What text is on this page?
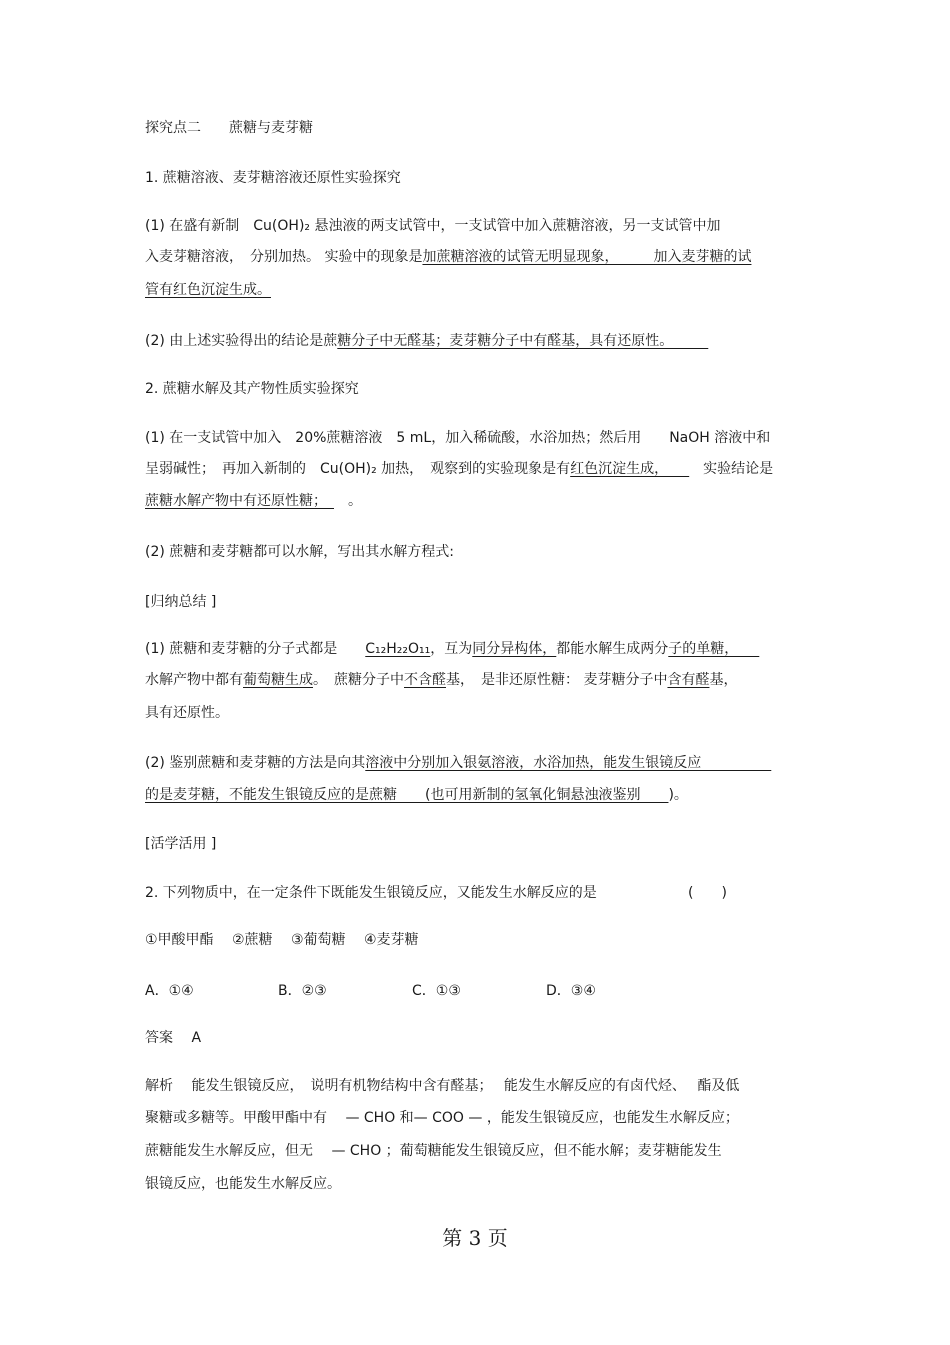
探究点二　　蔗糖与麦芽糖
1. 蔗糖溶液、麦芽糖溶液还原性实验探究
(1) 在盛有新制　Cu(OH)₂ 悬浊液的两支试管中，一支试管中加入蔗糖溶液，另一支试管中加
入麦芽糖溶液，　分别加热。 实验中的现象是加蔗糖溶液的试管无明显现象，　　　加入麦芽糖的试
管有红色沉淀生成。
(2) 由上述实验得出的结论是蔗糖分子中无醛基；麦芽糖分子中有醛基，具有还原性。　　　
2. 蔗糖水解及其产物性质实验探究
(1) 在一支试管中加入　20%蔗糖溶液　5 mL，加入稀硫酸，水浴加热；然后用　　NaOH 溶液中和
呈弱碱性；　再加入新制的　Cu(OH)₂ 加热，　观察到的实验现象是有红色沉淀生成，　　　实验结论是
蔗糖水解产物中有还原性糖；　　。
(2) 蔗糖和麦芽糖都可以水解，写出其水解方程式:
[归纳总结 ]
(1) 蔗糖和麦芽糖的分子式都是　　C₁₂H₂₂O₁₁，互为同分异构体，都能水解生成两分子的单糖，　　
水解产物中都有葡萄糖生成。　蔗糖分子中不含醛基，　是非还原性糖： 麦芽糖分子中含有醛基，
具有还原性。
(2) 鉴别蔗糖和麦芽糖的方法是向其溶液中分别加入银氨溶液，水浴加热，能发生银镜反应　　　　　
的是麦芽糖，不能发生银镜反应的是蔗糖　　(也可用新制的氢氧化铜悬浊液鉴别　　)。
[活学活用 ]
2. 下列物质中，在一定条件下既能发生银镜反应，又能发生水解反应的是	(　　)
①甲酸甲酯　 ②蔗糖　 ③葡萄糖　 ④麦芽糖
A．①④	B．②③	C．①③	D．③④
答案　 A
解析　 能发生银镜反应，　说明有机物结构中含有醛基；　 能发生水解反应的有卤代烃、　 酯及低
聚糖或多糖等。甲酸甲酯中有　 — CHO 和— COO — ，能发生银镜反应，也能发生水解反应；
蔗糖能发生水解反应，但无　 — CHO ；葡萄糖能发生银镜反应，但不能水解；麦芽糖能发生
银镜反应，也能发生水解反应。
第 3 页
